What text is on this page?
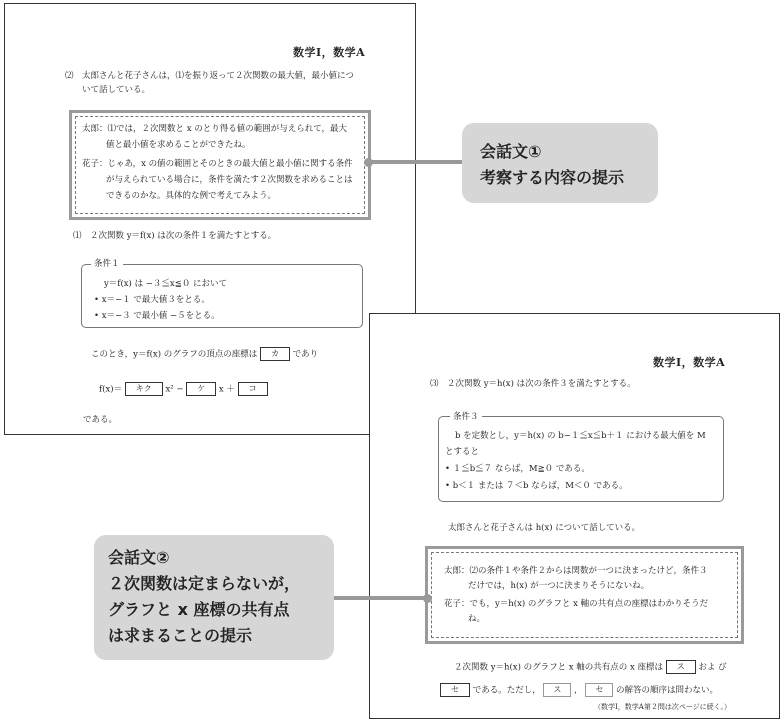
数学Ⅰ，数学A
⑵　太郎さんと花子さんは，⑴を振り返って２次関数の最大値，最小値につ
いて話している。
太郎：⑴では，２次関数と x のとり得る値の範囲が与えられて，最大
値と最小値を求めることができたね。
花子：じゃあ，x の値の範囲とそのときの最大値と最小値に関する条件
が与えられている場合に，条件を満たす２次関数を求めることは
できるのかな。具体的な例で考えてみよう。
⑴　２次関数 y＝f(x) は次の条件１を満たすとする。
y＝f(x) は −３≦x≦０ において
• x＝−１ で最大値３をとる。
• x＝−３ で最小値 −５をとる。
条件１
このとき，y＝f(x) のグラフの頂点の座標は カ であり
f(x)＝ キク x² − ケ x ＋ コ
である。
数学Ⅰ，数学A
⑶　２次関数 y＝h(x) は次の条件３を満たすとする。
b を定数とし，y＝h(x) の b−１≦x≦b＋１ における最大値を M
とすると
• １≦b≦７ ならば，M≧０ である。
• b＜１ または ７＜b ならば，M＜０ である。
条件３
太郎さんと花子さんは h(x) について話している。
太郎：⑵の条件１や条件２からは関数が一つに決まったけど，条件３
だけでは，h(x) が一つに決まりそうにないね。
花子：でも，y＝h(x) のグラフと x 軸の共有点の座標はわかりそうだ
ね。
２次関数 y＝h(x) のグラフと x 軸の共有点の x 座標は ス およ び
セ である。ただし， ス ， セ の解答の順序は問わない。
（数学Ⅰ，数学A第２問は次ページに続く。）
会話文①
考察する内容の提示
会話文②
２次関数は定まらないが，
グラフと x 座標の共有点
は求まることの提示
